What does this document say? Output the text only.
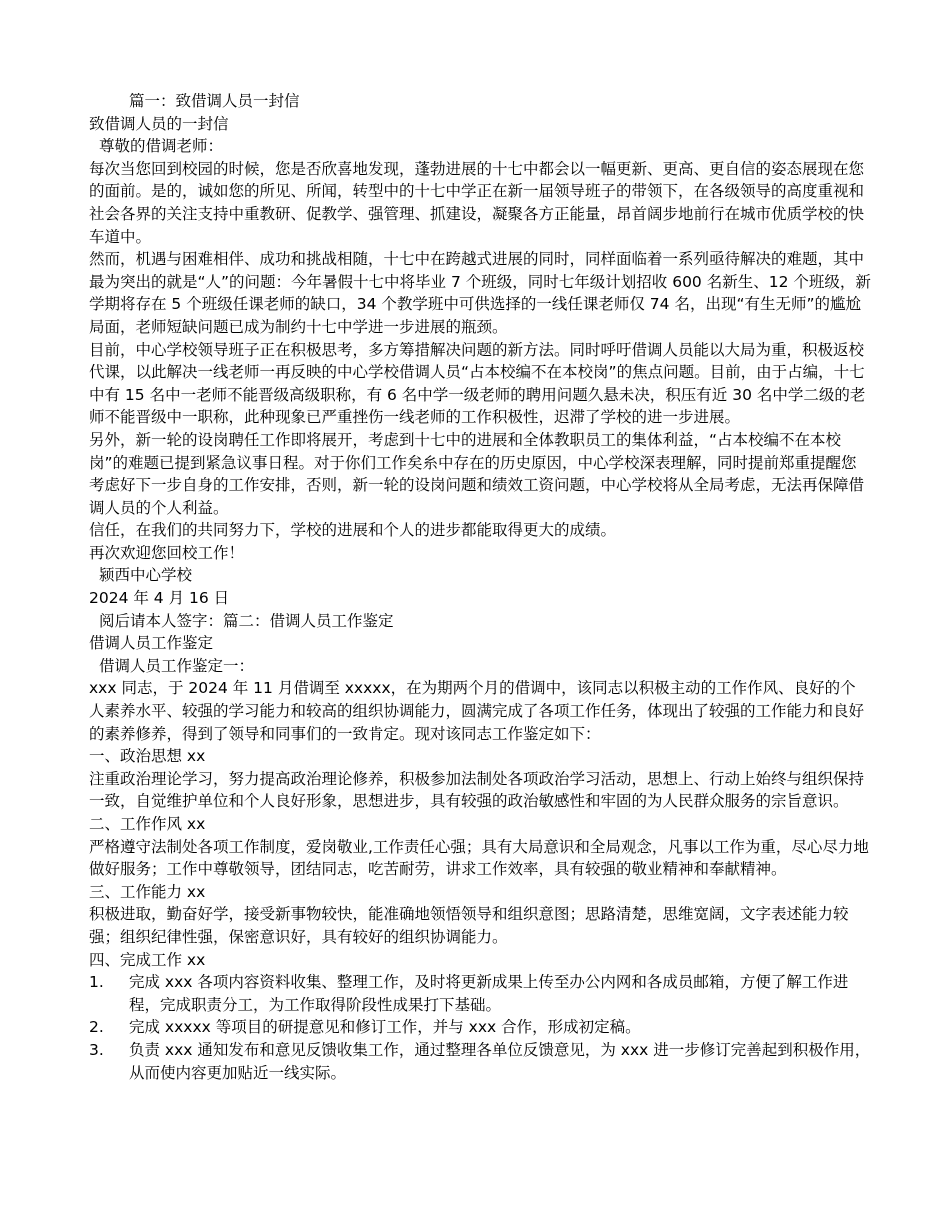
篇一：致借调人员一封信

致借调人员的一封信

尊敬的借调老师：

每次当您回到校园的时候，您是否欣喜地发现，蓬勃进展的十七中都会以一幅更新、更高、更自信的姿态展现在您的面前。是的，诚如您的所见、所闻，转型中的十七中学正在新一届领导班子的带领下，在各级领导的高度重视和社会各界的关注支持中重教研、促教学、强管理、抓建设，凝聚各方正能量，昂首阔步地前行在城市优质学校的快车道中。

然而，机遇与困难相伴、成功和挑战相随，十七中在跨越式进展的同时，同样面临着一系列亟待解决的难题，其中最为突出的就是“人”的问题：今年暑假十七中将毕业 7 个班级，同时七年级计划招收 600 名新生、12 个班级，新学期将存在 5 个班级任课老师的缺口，34 个教学班中可供选择的一线任课老师仅 74 名，出现“有生无师”的尴尬局面，老师短缺问题已成为制约十七中学进一步进展的瓶颈。

目前，中心学校领导班子正在积极思考，多方筹措解决问题的新方法。同时呼吁借调人员能以大局为重，积极返校代课，以此解决一线老师一再反映的中心学校借调人员“占本校编不在本校岗”的焦点问题。目前，由于占编，十七中有 15 名中一老师不能晋级高级职称，有 6 名中学一级老师的聘用问题久悬未决，积压有近 30 名中学二级的老师不能晋级中一职称，此种现象已严重挫伤一线老师的工作积极性，迟滞了学校的进一步进展。

另外，新一轮的设岗聘任工作即将展开，考虑到十七中的进展和全体教职员工的集体利益，“占本校编不在本校岗”的难题已提到紧急议事日程。对于你们工作矣糸中存在的历史原因，中心学校深表理解，同时提前郑重提醒您考虑好下一步自身的工作安排，否则，新一轮的设岗问题和绩效工资问题，中心学校将从全局考虑，无法再保障借调人员的个人利益。

信任，在我们的共同努力下，学校的进展和个人的进步都能取得更大的成绩。

再次欢迎您回校工作！

颍西中心学校

2024 年 4 月 16 日

阅后请本人签字：篇二：借调人员工作鉴定

借调人员工作鉴定

借调人员工作鉴定一：

xxx 同志，于 2024 年 11 月借调至 xxxxx，在为期两个月的借调中，该同志以积极主动的工作作风、良好的个人素养水平、较强的学习能力和较高的组织协调能力，圆满完成了各项工作任务，体现出了较强的工作能力和良好的素养修养，得到了领导和同事们的一致肯定。现对该同志工作鉴定如下：

一、政治思想 xx

注重政治理论学习，努力提高政治理论修养，积极参加法制处各项政治学习活动，思想上、行动上始终与组织保持一致，自觉维护单位和个人良好形象，思想进步，具有较强的政治敏感性和牢固的为人民群众服务的宗旨意识。

二、工作作风 xx

严格遵守法制处各项工作制度，爱岗敬业,工作责任心强；具有大局意识和全局观念，凡事以工作为重，尽心尽力地做好服务；工作中尊敬领导，团结同志，吃苦耐劳，讲求工作效率，具有较强的敬业精神和奉献精神。

三、工作能力 xx

积极进取，勤奋好学，接受新事物较快，能准确地领悟领导和组织意图；思路清楚，思维宽阔，文字表述能力较强；组织纪律性强，保密意识好，具有较好的组织协调能力。

四、完成工作 xx

1. 完成 xxx 各项内容资料收集、整理工作，及时将更新成果上传至办公内网和各成员邮箱，方便了解工作进程，完成职责分工，为工作取得阶段性成果打下基础。
2. 完成 xxxxx 等项目的研提意见和修订工作，并与 xxx 合作，形成初定稿。
3. 负责 xxx 通知发布和意见反馈收集工作，通过整理各单位反馈意见，为 xxx 进一步修订完善起到积极作用，从而使内容更加贴近一线实际。
